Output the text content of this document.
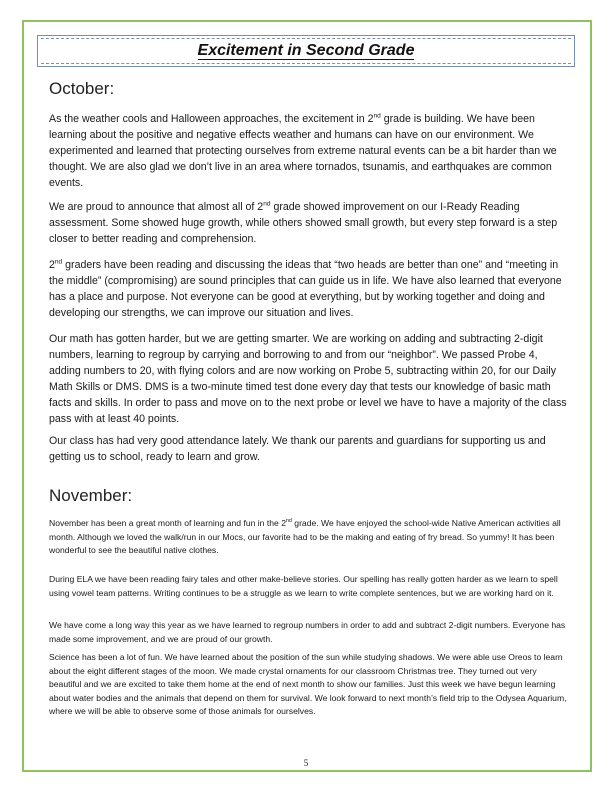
Excitement in Second Grade
October:

As the weather cools and Halloween approaches, the excitement in 2nd grade is building. We have been learning about the positive and negative effects weather and humans can have on our environment. We experimented and learned that protecting ourselves from extreme natural events can be a bit harder than we thought. We are also glad we don’t live in an area where tornados, tsunamis, and earthquakes are common events.

We are proud to announce that almost all of 2nd grade showed improvement on our I-Ready Reading assessment. Some showed huge growth, while others showed small growth, but every step forward is a step closer to better reading and comprehension.

2nd graders have been reading and discussing the ideas that “two heads are better than one” and “meeting in the middle” (compromising) are sound principles that can guide us in life. We have also learned that everyone has a place and purpose. Not everyone can be good at everything, but by working together and doing and developing our strengths, we can improve our situation and lives.

Our math has gotten harder, but we are getting smarter. We are working on adding and subtracting 2-digit numbers, learning to regroup by carrying and borrowing to and from our “neighbor”. We passed Probe 4, adding numbers to 20, with flying colors and are now working on Probe 5, subtracting within 20, for our Daily Math Skills or DMS. DMS is a two-minute timed test done every day that tests our knowledge of basic math facts and skills. In order to pass and move on to the next probe or level we have to have a majority of the class pass with at least 40 points.

Our class has had very good attendance lately. We thank our parents and guardians for supporting us and getting us to school, ready to learn and grow.

November:

November has been a great month of learning and fun in the 2nd grade. We have enjoyed the school-wide Native American activities all month. Although we loved the walk/run in our Mocs, our favorite had to be the making and eating of fry bread. So yummy! It has been wonderful to see the beautiful native clothes.

During ELA we have been reading fairy tales and other make-believe stories. Our spelling has really gotten harder as we learn to spell using vowel team patterns. Writing continues to be a struggle as we learn to write complete sentences, but we are working hard on it.

We have come a long way this year as we have learned to regroup numbers in order to add and subtract 2-digit numbers. Everyone has made some improvement, and we are proud of our growth.

Science has been a lot of fun. We have learned about the position of the sun while studying shadows. We were able use Oreos to learn about the eight different stages of the moon. We made crystal ornaments for our classroom Christmas tree. They turned out very beautiful and we are excited to take them home at the end of next month to show our families. Just this week we have begun learning about water bodies and the animals that depend on them for survival. We look forward to next month’s field trip to the Odysea Aquarium, where we will be able to observe some of those animals for ourselves.

5
